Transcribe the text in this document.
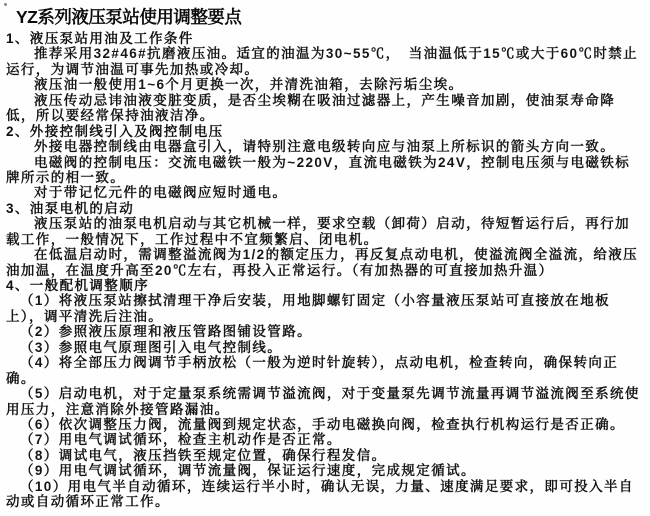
YZ系列液压泵站使用调整要点
1、液压泵站用油及工作条件
推荐采用32#46#抗磨液压油。适宜的油温为30~55℃，　当油温低于15℃或大于60℃时禁止
运行，为调节油温可事先加热或冷却。
液压油一般使用1~6个月更换一次，并清洗油箱，去除污垢尘埃。
液压传动忌讳油液变脏变质，是否尘埃糊在吸油过滤器上，产生噪音加剧，使油泵寿命降
低，所以要经常保持油液洁净。
2、外接控制线引入及阀控制电压
外接电器控制线由电器盒引入，请特别注意电级转向应与油泵上所标识的箭头方向一致。
电磁阀的控制电压：交流电磁铁一般为~220V，直流电磁铁为24V，控制电压须与电磁铁标
牌所示的相一致。
对于带记忆元件的电磁阀应短时通电。
3、油泵电机的启动
液压泵站的油泵电机启动与其它机械一样，要求空载（卸荷）启动，待短暂运行后，再行加
载工作，一般情况下，工作过程中不宜频繁启、闭电机。
在低温启动时，需调整溢流阀为1/2的额定压力，再反复点动电机，使溢流阀全溢流，给液压
油加温，在温度升高至20℃左右，再投入正常运行。（有加热器的可直接加热升温）
4、一般配机调整顺序
（1）将液压泵站擦拭清理干净后安装，用地脚螺钉固定（小容量液压泵站可直接放在地板
上），调平清洗后注油。
（2）参照液压原理和液压管路图铺设管路。
（3）参照电气原理图引入电气控制线。
（4）将全部压力阀调节手柄放松（一般为逆时针旋转），点动电机，检查转向，确保转向正
确。
（5）启动电机，对于定量泵系统需调节溢流阀，对于变量泵先调节流量再调节溢流阀至系统使
用压力，注意消除外接管路漏油。
（6）依次调整压力阀，流量阀到规定状态，手动电磁换向阀，检查执行机构运行是否正确。
（7）用电气调试循环，检查主机动作是否正常。
（8）调试电气，液压挡铁至规定位置，确保行程发信。
（9）用电气调试循环，调节流量阀，保证运行速度，完成规定循试。
（10）用电气半自动循环，连续运行半小时，确认无误，力量、速度满足要求，即可投入半自
动或自动循环正常工作。
